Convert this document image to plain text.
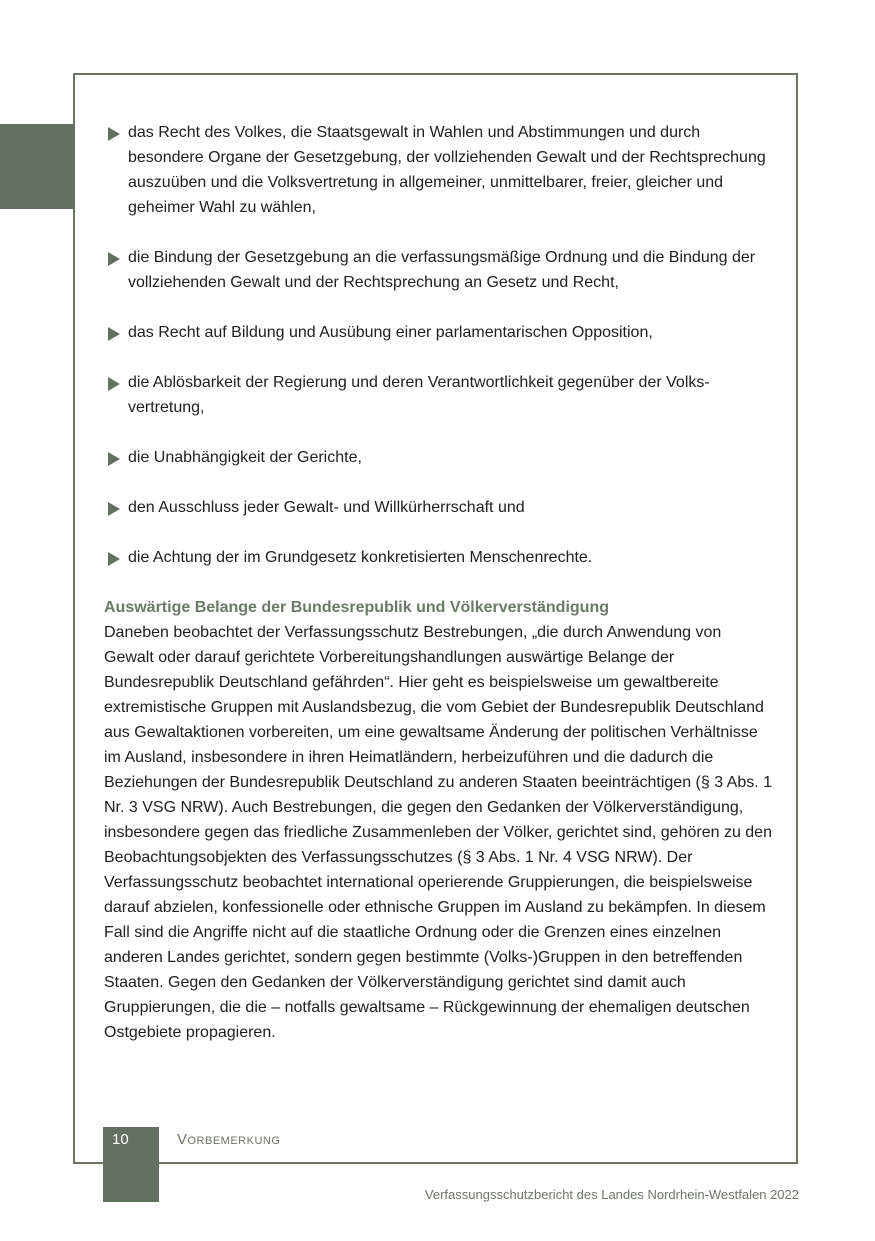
das Recht des Volkes, die Staatsgewalt in Wahlen und Abstimmungen und durch besondere Organe der Gesetzgebung, der vollziehenden Gewalt und der Rechtsprechung auszuüben und die Volksvertretung in allgemeiner, unmittelbarer, freier, gleicher und geheimer Wahl zu wählen,
die Bindung der Gesetzgebung an die verfassungsmäßige Ordnung und die Bindung der vollziehenden Gewalt und der Rechtsprechung an Gesetz und Recht,
das Recht auf Bildung und Ausübung einer parlamentarischen Opposition,
die Ablösbarkeit der Regierung und deren Verantwortlichkeit gegenüber der Volksvertretung,
die Unabhängigkeit der Gerichte,
den Ausschluss jeder Gewalt- und Willkürherrschaft und
die Achtung der im Grundgesetz konkretisierten Menschenrechte.
Auswärtige Belange der Bundesrepublik und Völkerverständigung

Daneben beobachtet der Verfassungsschutz Bestrebungen, „die durch Anwendung von Gewalt oder darauf gerichtete Vorbereitungshandlungen auswärtige Belange der Bundesrepublik Deutschland gefährden“. Hier geht es beispielsweise um gewaltbereite extremistische Gruppen mit Auslandsbezug, die vom Gebiet der Bundesrepublik Deutschland aus Gewaltaktionen vorbereiten, um eine gewaltsame Änderung der politischen Verhältnisse im Ausland, insbesondere in ihren Heimatländern, herbeizuführen und die dadurch die Beziehungen der Bundesrepublik Deutschland zu anderen Staaten beeinträchtigen (§ 3 Abs. 1 Nr. 3 VSG NRW). Auch Bestrebungen, die gegen den Gedanken der Völkerverständigung, insbesondere gegen das friedliche Zusammenleben der Völker, gerichtet sind, gehören zu den Beobachtungsobjekten des Verfassungsschutzes (§ 3 Abs. 1 Nr. 4 VSG NRW). Der Verfassungsschutz beobachtet international operierende Gruppierungen, die beispielsweise darauf abzielen, konfessionelle oder ethnische Gruppen im Ausland zu bekämpfen. In diesem Fall sind die Angriffe nicht auf die staatliche Ordnung oder die Grenzen eines einzelnen anderen Landes gerichtet, sondern gegen bestimmte (Volks-)Gruppen in den betreffenden Staaten. Gegen den Gedanken der Völkerverständigung gerichtet sind damit auch Gruppierungen, die die – notfalls gewaltsame – Rückgewinnung der ehemaligen deutschen Ostgebiete propagieren.

10	Vorbemerkung
Verfassungsschutzbericht des Landes Nordrhein-Westfalen 2022
